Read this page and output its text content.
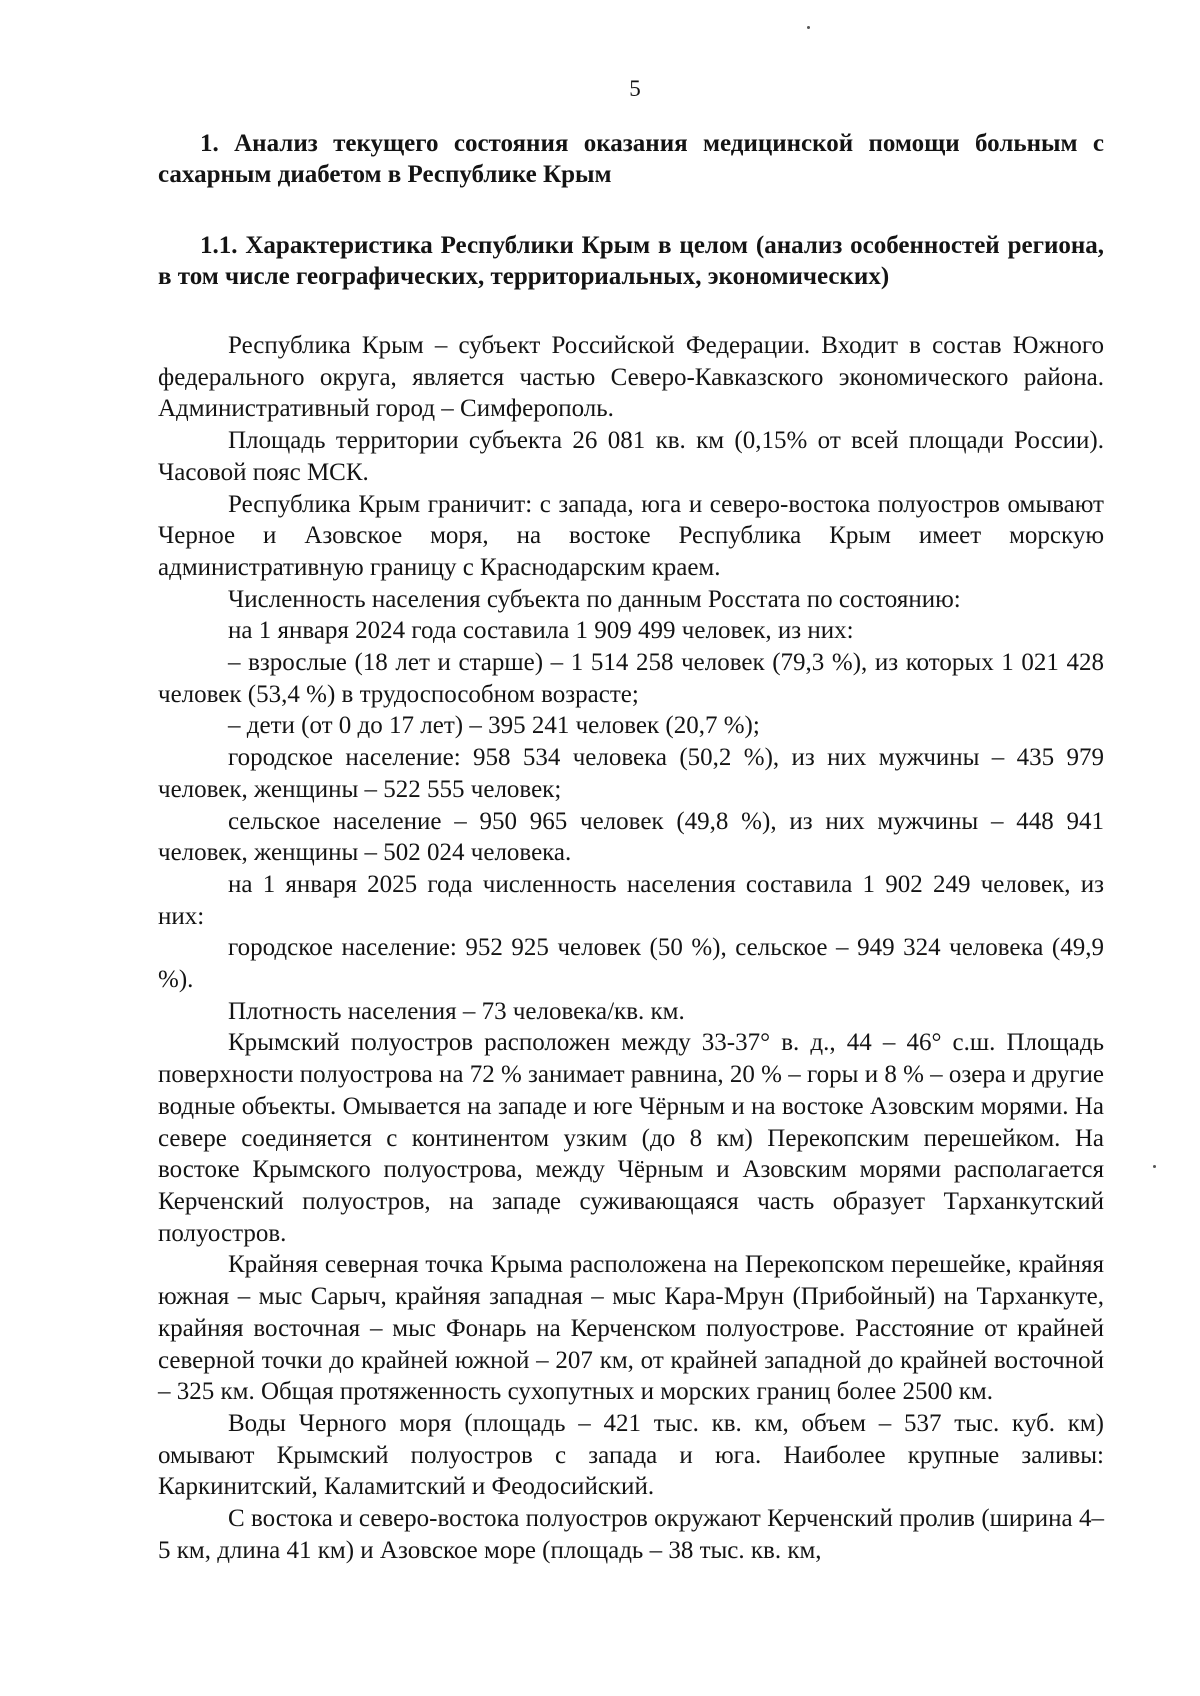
5
1. Анализ текущего состояния оказания медицинской помощи больным с сахарным диабетом в Республике Крым
1.1. Характеристика Республики Крым в целом (анализ особенностей региона, в том числе географических, территориальных, экономических)

Республика Крым – субъект Российской Федерации. Входит в состав Южного федерального округа, является частью Северо-Кавказского экономического района. Административный город – Симферополь.

Площадь территории субъекта 26 081 кв. км (0,15% от всей площади России). Часовой пояс МСК.

Республика Крым граничит: с запада, юга и северо-востока полуостров омывают Черное и Азовское моря, на востоке Республика Крым имеет морскую административную границу с Краснодарским краем.

Численность населения субъекта по данным Росстата по состоянию:

на 1 января 2024 года составила 1 909 499 человек, из них:

– взрослые (18 лет и старше) – 1 514 258 человек (79,3 %), из которых 1 021 428 человек (53,4 %) в трудоспособном возрасте;

– дети (от 0 до 17 лет) – 395 241 человек (20,7 %);

городское население: 958 534 человека (50,2 %), из них мужчины – 435 979 человек, женщины – 522 555 человек;

сельское население – 950 965 человек (49,8 %), из них мужчины – 448 941 человек, женщины – 502 024 человека.

на 1 января 2025 года численность населения составила 1 902 249 человек, из них:

городское население: 952 925 человек (50 %), сельское – 949 324 человека (49,9 %).

Плотность населения – 73 человека/кв. км.

Крымский полуостров расположен между 33-37° в. д., 44 – 46° с.ш. Площадь поверхности полуострова на 72 % занимает равнина, 20 % – горы и 8 % – озера и другие водные объекты. Омывается на западе и юге Чёрным и на востоке Азовским морями. На севере соединяется с континентом узким (до 8 км) Перекопским перешейком. На востоке Крымского полуострова, между Чёрным и Азовским морями располагается Керченский полуостров, на западе суживающаяся часть образует Тарханкутский полуостров.

Крайняя северная точка Крыма расположена на Перекопском перешейке, крайняя южная – мыс Сарыч, крайняя западная – мыс Кара-Мрун (Прибойный) на Тарханкуте, крайняя восточная – мыс Фонарь на Керченском полуострове. Расстояние от крайней северной точки до крайней южной – 207 км, от крайней западной до крайней восточной – 325 км. Общая протяженность сухопутных и морских границ более 2500 км.

Воды Черного моря (площадь – 421 тыс. кв. км, объем – 537 тыс. куб. км) омывают Крымский полуостров с запада и юга. Наиболее крупные заливы: Каркинитский, Каламитский и Феодосийский.

С востока и северо-востока полуостров окружают Керченский пролив (ширина 4–5 км, длина 41 км) и Азовское море (площадь – 38 тыс. кв. км,
